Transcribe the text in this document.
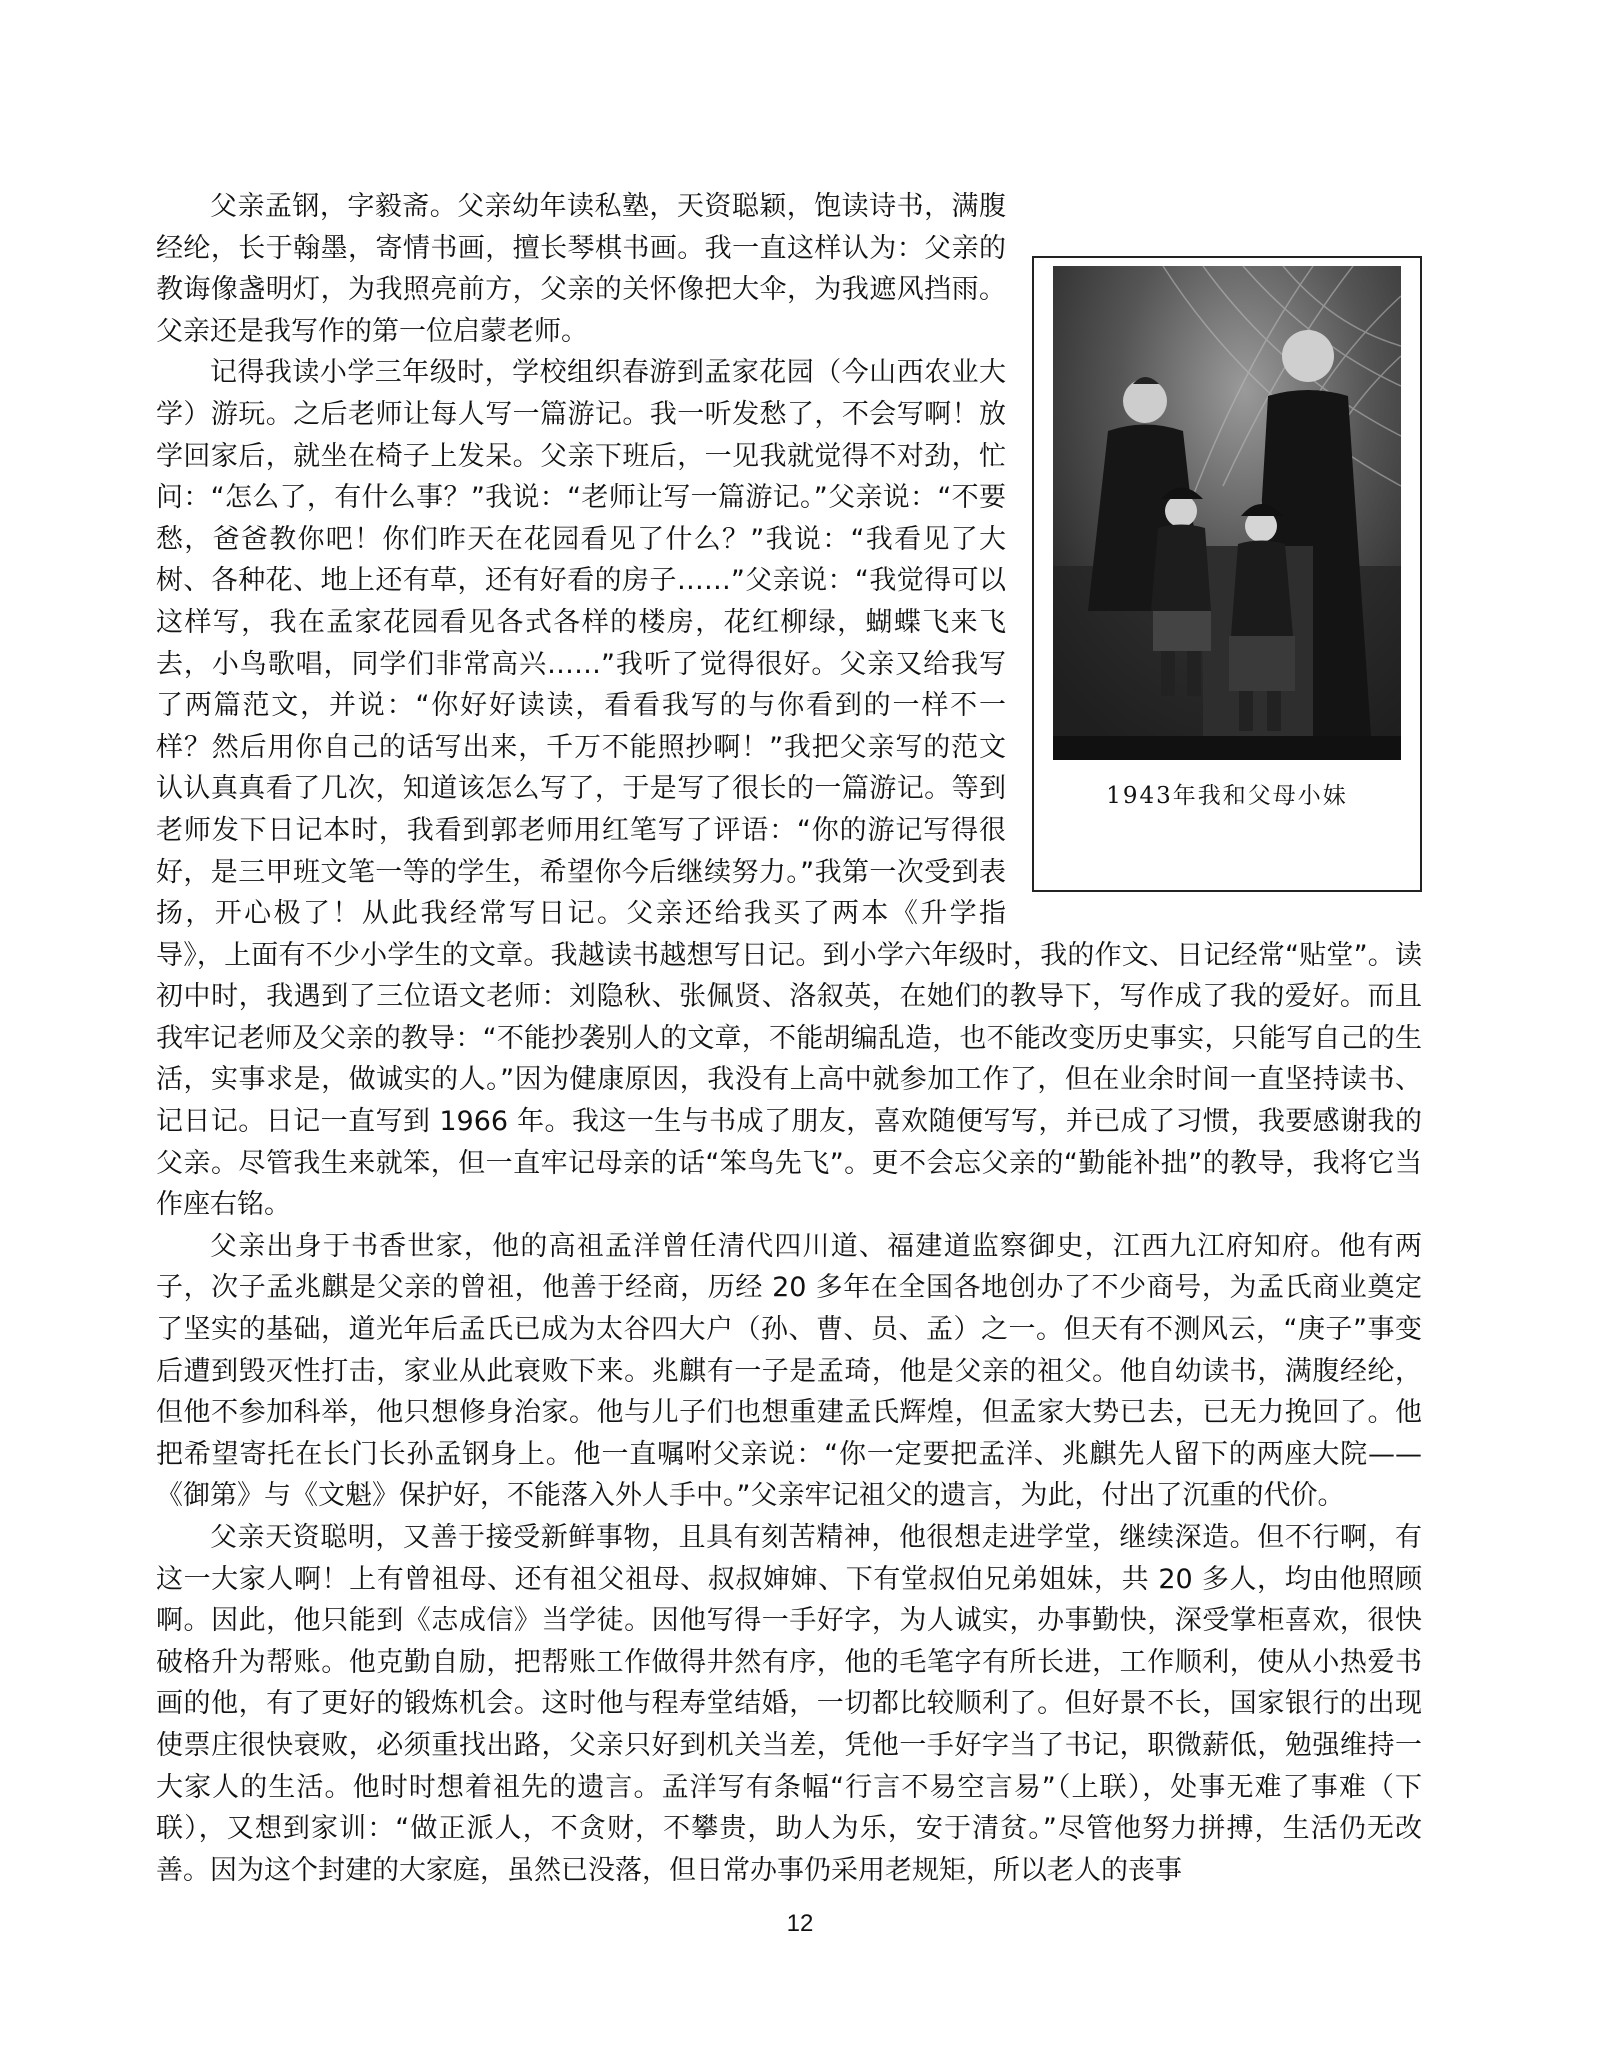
1943年我和父母小妹

父亲孟钢，字毅斋。父亲幼年读私塾，天资聪颖，饱读诗书，满腹经纶，长于翰墨，寄情书画，擅长琴棋书画。我一直这样认为：父亲的教诲像盏明灯，为我照亮前方，父亲的关怀像把大伞，为我遮风挡雨。父亲还是我写作的第一位启蒙老师。

记得我读小学三年级时，学校组织春游到孟家花园（今山西农业大学）游玩。之后老师让每人写一篇游记。我一听发愁了，不会写啊！放学回家后，就坐在椅子上发呆。父亲下班后，一见我就觉得不对劲，忙问：“怎么了，有什么事？”我说：“老师让写一篇游记。”父亲说：“不要愁，爸爸教你吧！你们昨天在花园看见了什么？”我说：“我看见了大树、各种花、地上还有草，还有好看的房子……”父亲说：“我觉得可以这样写，我在孟家花园看见各式各样的楼房，花红柳绿，蝴蝶飞来飞去，小鸟歌唱，同学们非常高兴……”我听了觉得很好。父亲又给我写了两篇范文，并说：“你好好读读，看看我写的与你看到的一样不一样？然后用你自己的话写出来，千万不能照抄啊！”我把父亲写的范文认认真真看了几次，知道该怎么写了，于是写了很长的一篇游记。等到老师发下日记本时，我看到郭老师用红笔写了评语：“你的游记写得很好，是三甲班文笔一等的学生，希望你今后继续努力。”我第一次受到表扬，开心极了！从此我经常写日记。父亲还给我买了两本《升学指导》，上面有不少小学生的文章。我越读书越想写日记。到小学六年级时，我的作文、日记经常“贴堂”。读初中时，我遇到了三位语文老师：刘隐秋、张佩贤、洛叙英，在她们的教导下，写作成了我的爱好。而且我牢记老师及父亲的教导：“不能抄袭别人的文章，不能胡编乱造，也不能改变历史事实，只能写自己的生活，实事求是，做诚实的人。”因为健康原因，我没有上高中就参加工作了，但在业余时间一直坚持读书、记日记。日记一直写到 1966 年。我这一生与书成了朋友，喜欢随便写写，并已成了习惯，我要感谢我的父亲。尽管我生来就笨，但一直牢记母亲的话“笨鸟先飞”。更不会忘父亲的“勤能补拙”的教导，我将它当作座右铭。

父亲出身于书香世家，他的高祖孟洋曾任清代四川道、福建道监察御史，江西九江府知府。他有两子，次子孟兆麒是父亲的曾祖，他善于经商，历经 20 多年在全国各地创办了不少商号，为孟氏商业奠定了坚实的基础，道光年后孟氏已成为太谷四大户（孙、曹、员、孟）之一。但天有不测风云，“庚子”事变后遭到毁灭性打击，家业从此衰败下来。兆麒有一子是孟琦，他是父亲的祖父。他自幼读书，满腹经纶，但他不参加科举，他只想修身治家。他与儿子们也想重建孟氏辉煌，但孟家大势已去，已无力挽回了。他把希望寄托在长门长孙孟钢身上。他一直嘱咐父亲说：“你一定要把孟洋、兆麒先人留下的两座大院——《御第》与《文魁》保护好，不能落入外人手中。”父亲牢记祖父的遗言，为此，付出了沉重的代价。

父亲天资聪明，又善于接受新鲜事物，且具有刻苦精神，他很想走进学堂，继续深造。但不行啊，有这一大家人啊！上有曾祖母、还有祖父祖母、叔叔婶婶、下有堂叔伯兄弟姐妹，共 20 多人，均由他照顾啊。因此，他只能到《志成信》当学徒。因他写得一手好字，为人诚实，办事勤快，深受掌柜喜欢，很快破格升为帮账。他克勤自励，把帮账工作做得井然有序，他的毛笔字有所长进，工作顺利，使从小热爱书画的他，有了更好的锻炼机会。这时他与程寿堂结婚，一切都比较顺利了。但好景不长，国家银行的出现使票庄很快衰败，必须重找出路，父亲只好到机关当差，凭他一手好字当了书记，职微薪低，勉强维持一大家人的生活。他时时想着祖先的遗言。孟洋写有条幅“行言不易空言易”（上联），处事无难了事难（下联），又想到家训：“做正派人，不贪财，不攀贵，助人为乐，安于清贫。”尽管他努力拼搏，生活仍无改善。因为这个封建的大家庭，虽然已没落，但日常办事仍采用老规矩，所以老人的丧事

12
